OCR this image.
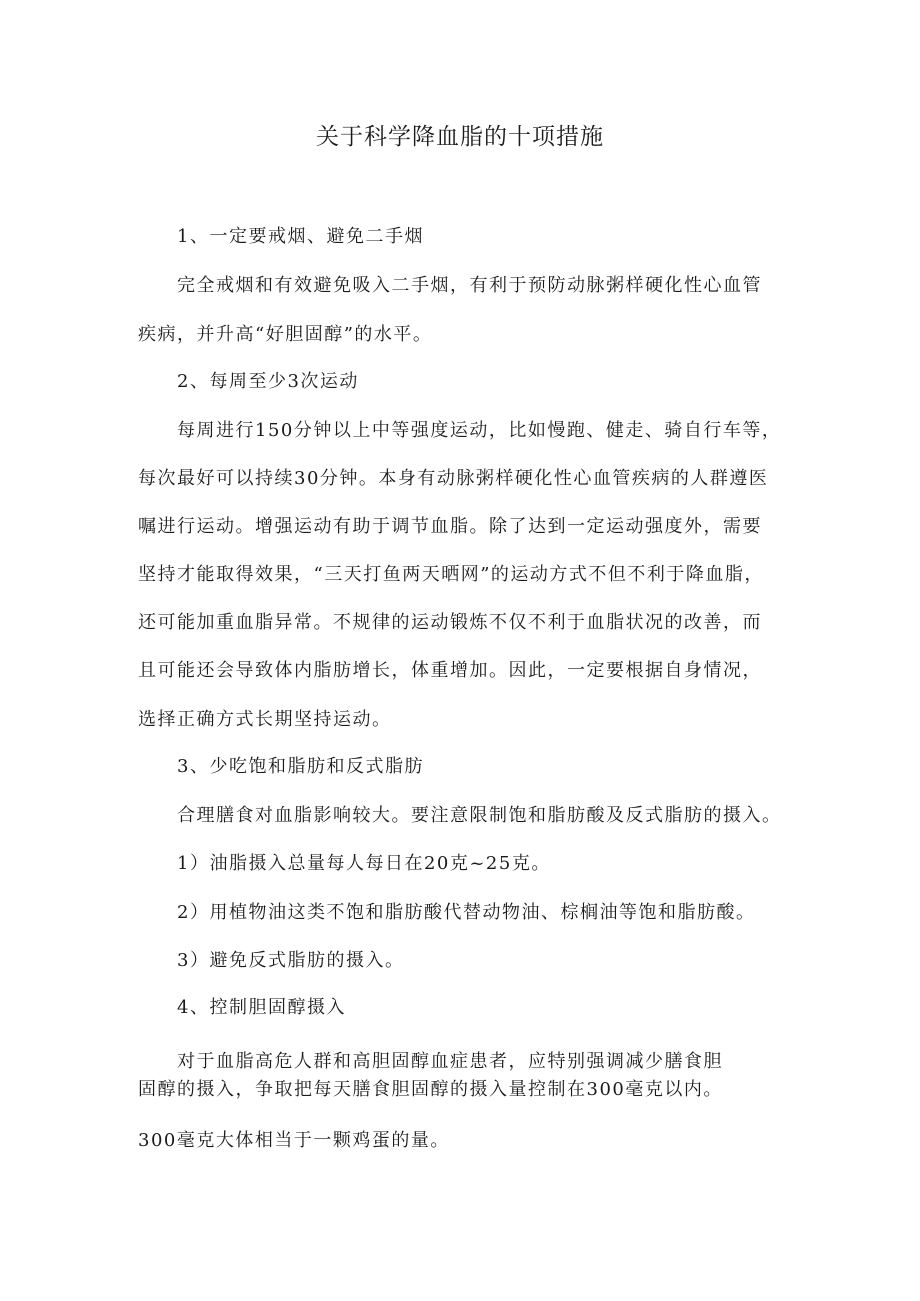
关于科学降血脂的十项措施
1、一定要戒烟、避免二手烟
完全戒烟和有效避免吸入二手烟，有利于预防动脉粥样硬化性心血管
疾病，并升高“好胆固醇”的水平。
2、每周至少3次运动
每周进行150分钟以上中等强度运动，比如慢跑、健走、骑自行车等，
每次最好可以持续30分钟。本身有动脉粥样硬化性心血管疾病的人群遵医
嘱进行运动。增强运动有助于调节血脂。除了达到一定运动强度外，需要
坚持才能取得效果，“三天打鱼两天晒网”的运动方式不但不利于降血脂，
还可能加重血脂异常。不规律的运动锻炼不仅不利于血脂状况的改善，而
且可能还会导致体内脂肪增长，体重增加。因此，一定要根据自身情况，
选择正确方式长期坚持运动。
3、少吃饱和脂肪和反式脂肪
合理膳食对血脂影响较大。要注意限制饱和脂肪酸及反式脂肪的摄入。
1）油脂摄入总量每人每日在20克~25克。
2）用植物油这类不饱和脂肪酸代替动物油、棕榈油等饱和脂肪酸。
3）避免反式脂肪的摄入。
4、控制胆固醇摄入
对于血脂高危人群和高胆固醇血症患者，应特别强调减少膳食胆
固醇的摄入，争取把每天膳食胆固醇的摄入量控制在300毫克以内。
300毫克大体相当于一颗鸡蛋的量。
